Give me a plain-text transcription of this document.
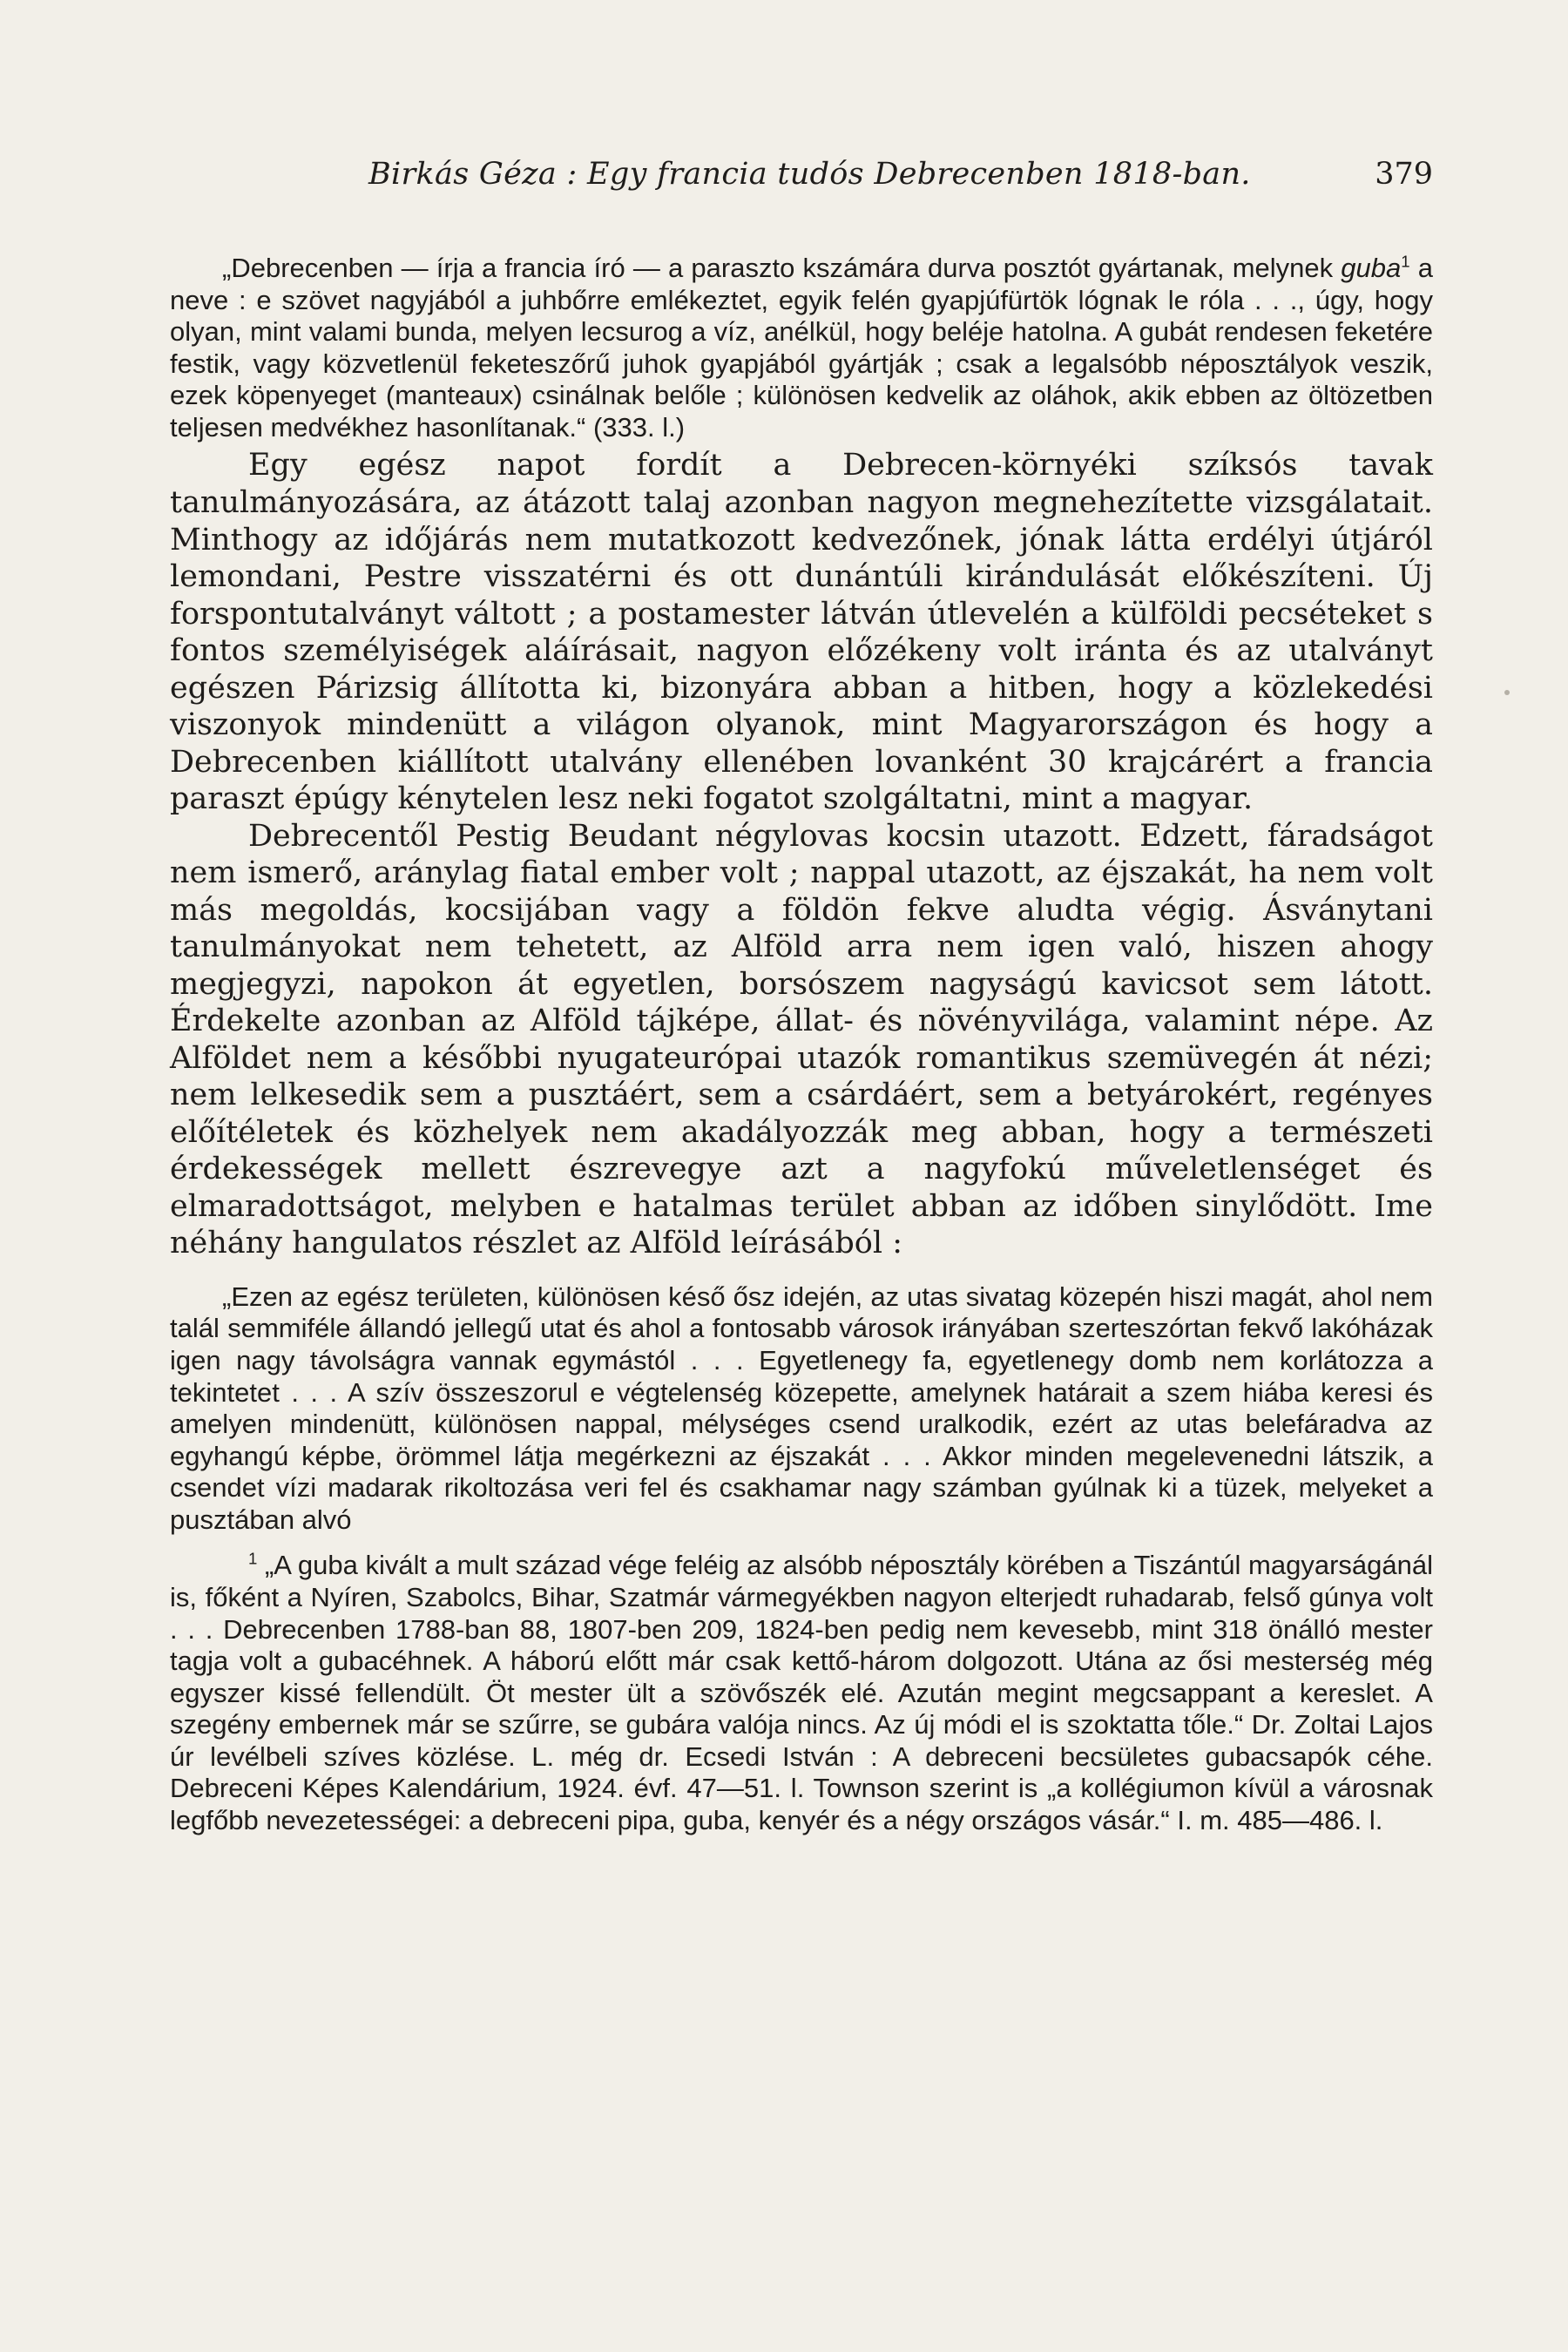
Birkás Géza : Egy francia tudós Debrecenben 1818-ban.	379

„Debrecenben — írja a francia író — a paraszto kszámára durva posztót gyártanak, melynek guba$^1$ a neve : e szövet nagyjából a juhbőrre emlékeztet, egyik felén gyapjúfürtök lógnak le róla . . ., úgy, hogy olyan, mint valami bunda, melyen lecsurog a víz, anélkül, hogy beléje hatolna. A gubát rendesen feketére festik, vagy közvetlenül feketeszőrű juhok gyapjából gyártják ; csak a legalsóbb néposztályok veszik, ezek köpenyeget (manteaux) csinálnak belőle ; különösen kedvelik az oláhok, akik ebben az öltözetben teljesen medvékhez hasonlítanak.“ (333. l.)

Egy egész napot fordít a Debrecen-környéki szíksós tavak tanulmányozására, az átázott talaj azonban nagyon megnehezítette vizsgálatait. Minthogy az időjárás nem mutatkozott kedvezőnek, jónak látta erdélyi útjáról lemondani, Pestre visszatérni és ott dunántúli kirándulását előkészíteni. Új forspontutalványt váltott ; a postamester látván útlevelén a külföldi pecséteket s fontos személyiségek aláírásait, nagyon előzékeny volt iránta és az utalványt egészen Párizsig állította ki, bizonyára abban a hitben, hogy a közlekedési viszonyok mindenütt a világon olyanok, mint Magyarországon és hogy a Debrecenben kiállított utalvány ellenében lovanként 30 krajcárért a francia paraszt épúgy kénytelen lesz neki fogatot szolgáltatni, mint a magyar.

Debrecentől Pestig Beudant négylovas kocsin utazott. Edzett, fáradságot nem ismerő, aránylag fiatal ember volt ; nappal utazott, az éjszakát, ha nem volt más megoldás, kocsijában vagy a földön fekve aludta végig. Ásványtani tanulmányokat nem tehetett, az Alföld arra nem igen való, hiszen ahogy megjegyzi, napokon át egyetlen, borsószem nagyságú kavicsot sem látott. Érdekelte azonban az Alföld tájképe, állat- és növényvilága, valamint népe. Az Alföldet nem a későbbi nyugateurópai utazók romantikus szemüvegén át nézi; nem lelkesedik sem a pusztáért, sem a csárdáért, sem a betyárokért, regényes előítéletek és közhelyek nem akadályozzák meg abban, hogy a természeti érdekességek mellett észrevegye azt a nagyfokú műveletlenséget és elmaradottságot, melyben e hatalmas terület abban az időben sinylődött. Ime néhány hangulatos részlet az Alföld leírásából :

„Ezen az egész területen, különösen késő ősz idején, az utas sivatag közepén hiszi magát, ahol nem talál semmiféle állandó jellegű utat és ahol a fontosabb városok irányában szerteszórtan fekvő lakóházak igen nagy távolságra vannak egymástól . . . Egyetlenegy fa, egyetlenegy domb nem korlátozza a tekintetet . . . A szív összeszorul e végtelenség közepette, amelynek határait a szem hiába keresi és amelyen mindenütt, különösen nappal, mélységes csend uralkodik, ezért az utas belefáradva az egyhangú képbe, örömmel látja megérkezni az éjszakát . . . Akkor minden megelevenedni látszik, a csendet vízi madarak rikoltozása veri fel és csakhamar nagy számban gyúlnak ki a tüzek, melyeket a pusztában alvó

$^1$ „A guba kivált a mult század vége feléig az alsóbb néposztály körében a Tiszántúl magyarságánál is, főként a Nyíren, Szabolcs, Bihar, Szatmár vármegyékben nagyon elterjedt ruhadarab, felső gúnya volt . . . Debrecenben 1788-ban 88, 1807-ben 209, 1824-ben pedig nem kevesebb, mint 318 önálló mester tagja volt a gubacéhnek. A háború előtt már csak kettő-három dolgozott. Utána az ősi mesterség még egyszer kissé fellendült. Öt mester ült a szövőszék elé. Azután megint megcsappant a kereslet. A szegény embernek már se szűrre, se gubára valója nincs. Az új módi el is szoktatta tőle.“ Dr. Zoltai Lajos úr levélbeli szíves közlése. L. még dr. Ecsedi István : A debreceni becsületes gubacsapók céhe. Debreceni Képes Kalendárium, 1924. évf. 47—51. l. Townson szerint is „a kollégiumon kívül a városnak legfőbb nevezetességei: a debreceni pipa, guba, kenyér és a négy országos vásár.“ I. m. 485—486. l.
